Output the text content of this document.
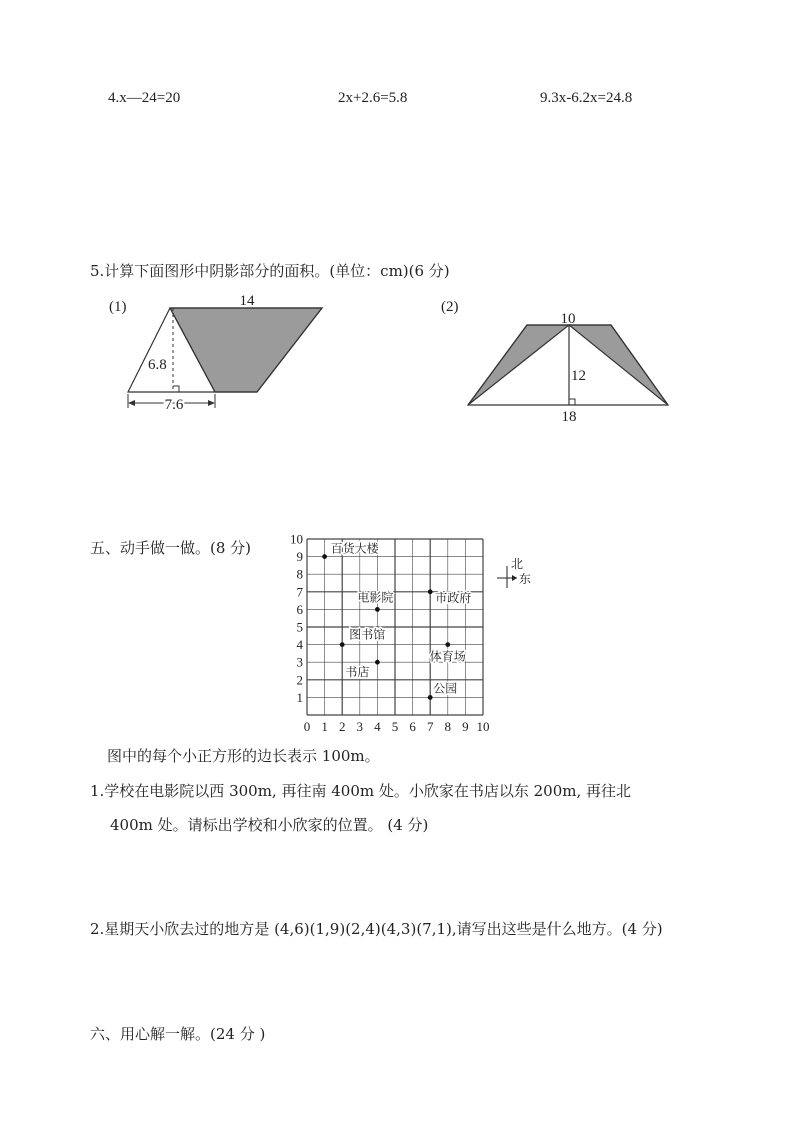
4.x—24=20	2x+2.6=5.8	9.3x-6.2x=24.8
5.计算下面图形中阴影部分的面积。(单位：cm)(6 分)
(1)	14
6.8
7.6
(2)
10
12
18
五、动手做一做。(8 分)
0 1 2 3 4 5 6 7 8 9 10
1
2
3
4
5
6
7
8
9
10
百货大楼
电影院	市政府
图书馆
体育场
书店
公园
北
东
图中的每个小正方形的边长表示 100m。
1.学校在电影院以西 300m, 再往南 400m 处。小欣家在书店以东 200m, 再往北
400m 处。请标出学校和小欣家的位置。 (4 分)
2.星期天小欣去过的地方是 (4,6)(1,9)(2,4)(4,3)(7,1),请写出这些是什么地方。(4 分)
六、用心解一解。(24 分 )
